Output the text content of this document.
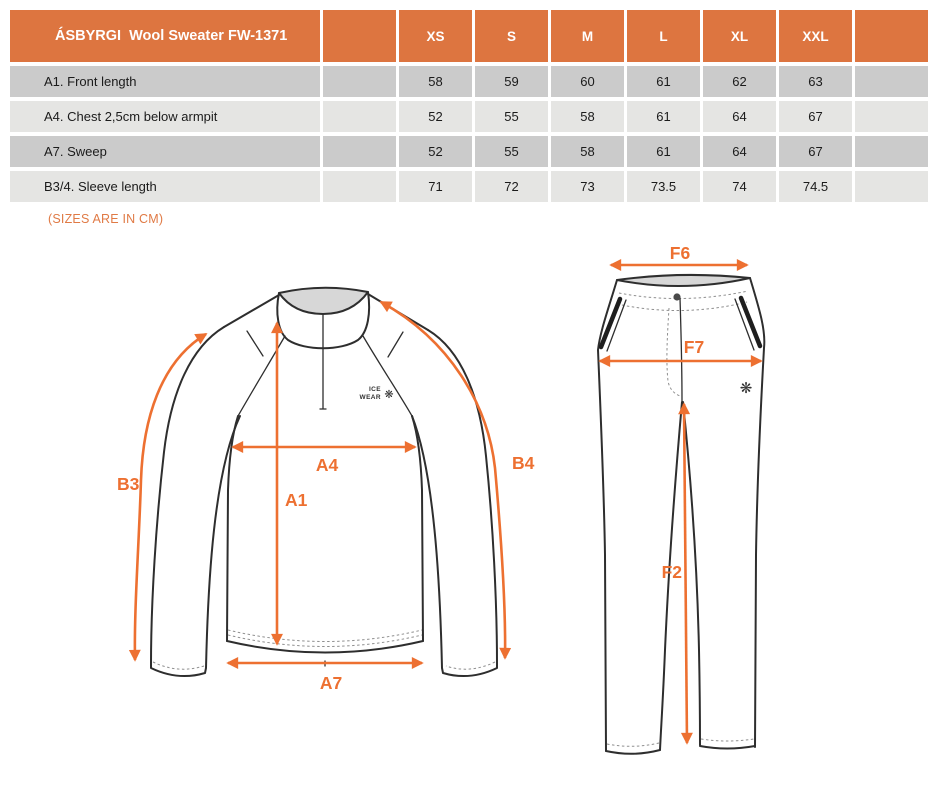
ÁSBYRGI  Wool Sweater FW-1371	XS	S	M	L	XL	XXL
A1. Front length	58	59	60	61	62	63
A4. Chest 2,5cm below armpit	52	55	58	61	64	67
A7. Sweep	52	55	58	61	64	67
B3/4. Sleeve length	71	72	73	73.5	74	74.5
(SIZES ARE IN CM)
ICE
WEAR ❋
B3
B4
A4
A1
A7
❋
F6
F7
F2
